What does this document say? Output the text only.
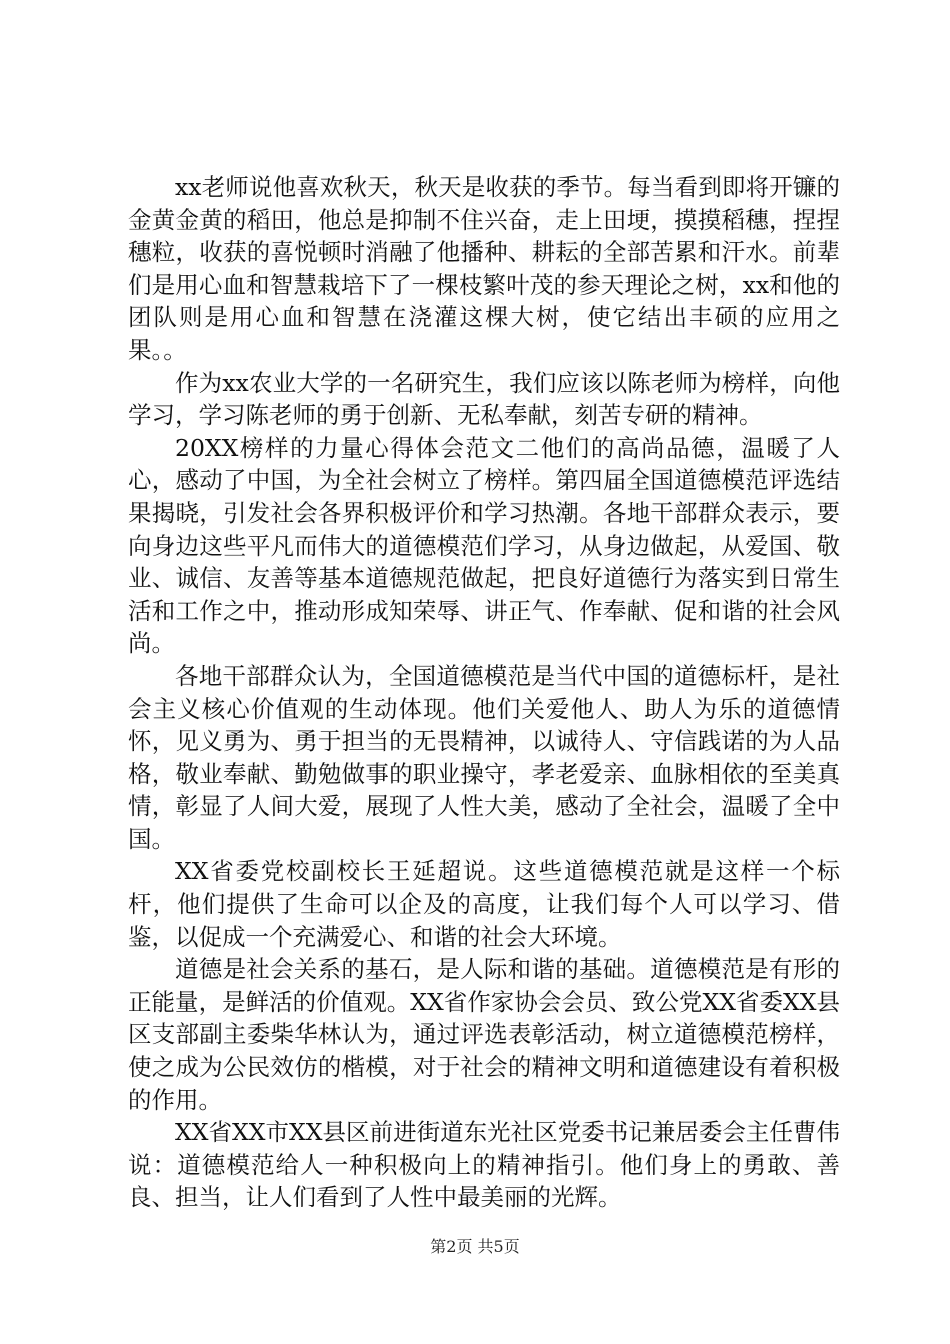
xx老师说他喜欢秋天，秋天是收获的季节。每当看到即将开镰的金黄金黄的稻田，他总是抑制不住兴奋，走上田埂，摸摸稻穗，捏捏穗粒，收获的喜悦顿时消融了他播种、耕耘的全部苦累和汗水。前辈们是用心血和智慧栽培下了一棵枝繁叶茂的参天理论之树，xx和他的团队则是用心血和智慧在浇灌这棵大树，使它结出丰硕的应用之果。。

作为xx农业大学的一名研究生，我们应该以陈老师为榜样，向他学习，学习陈老师的勇于创新、无私奉献，刻苦专研的精神。

20XX榜样的力量心得体会范文二他们的高尚品德，温暖了人心，感动了中国，为全社会树立了榜样。第四届全国道德模范评选结果揭晓，引发社会各界积极评价和学习热潮。各地干部群众表示，要向身边这些平凡而伟大的道德模范们学习，从身边做起，从爱国、敬业、诚信、友善等基本道德规范做起，把良好道德行为落实到日常生活和工作之中，推动形成知荣辱、讲正气、作奉献、促和谐的社会风尚。

各地干部群众认为，全国道德模范是当代中国的道德标杆，是社会主义核心价值观的生动体现。他们关爱他人、助人为乐的道德情怀，见义勇为、勇于担当的无畏精神，以诚待人、守信践诺的为人品格，敬业奉献、勤勉做事的职业操守，孝老爱亲、血脉相依的至美真情，彰显了人间大爱，展现了人性大美，感动了全社会，温暖了全中国。

XX省委党校副校长王延超说。这些道德模范就是这样一个标杆，他们提供了生命可以企及的高度，让我们每个人可以学习、借鉴，以促成一个充满爱心、和谐的社会大环境。

道德是社会关系的基石，是人际和谐的基础。道德模范是有形的正能量，是鲜活的价值观。XX省作家协会会员、致公党XX省委XX县区支部副主委柴华林认为，通过评选表彰活动，树立道德模范榜样，使之成为公民效仿的楷模，对于社会的精神文明和道德建设有着积极的作用。

XX省XX市XX县区前进街道东光社区党委书记兼居委会主任曹伟说：道德模范给人一种积极向上的精神指引。他们身上的勇敢、善良、担当，让人们看到了人性中最美丽的光辉。

第2页 共5页
